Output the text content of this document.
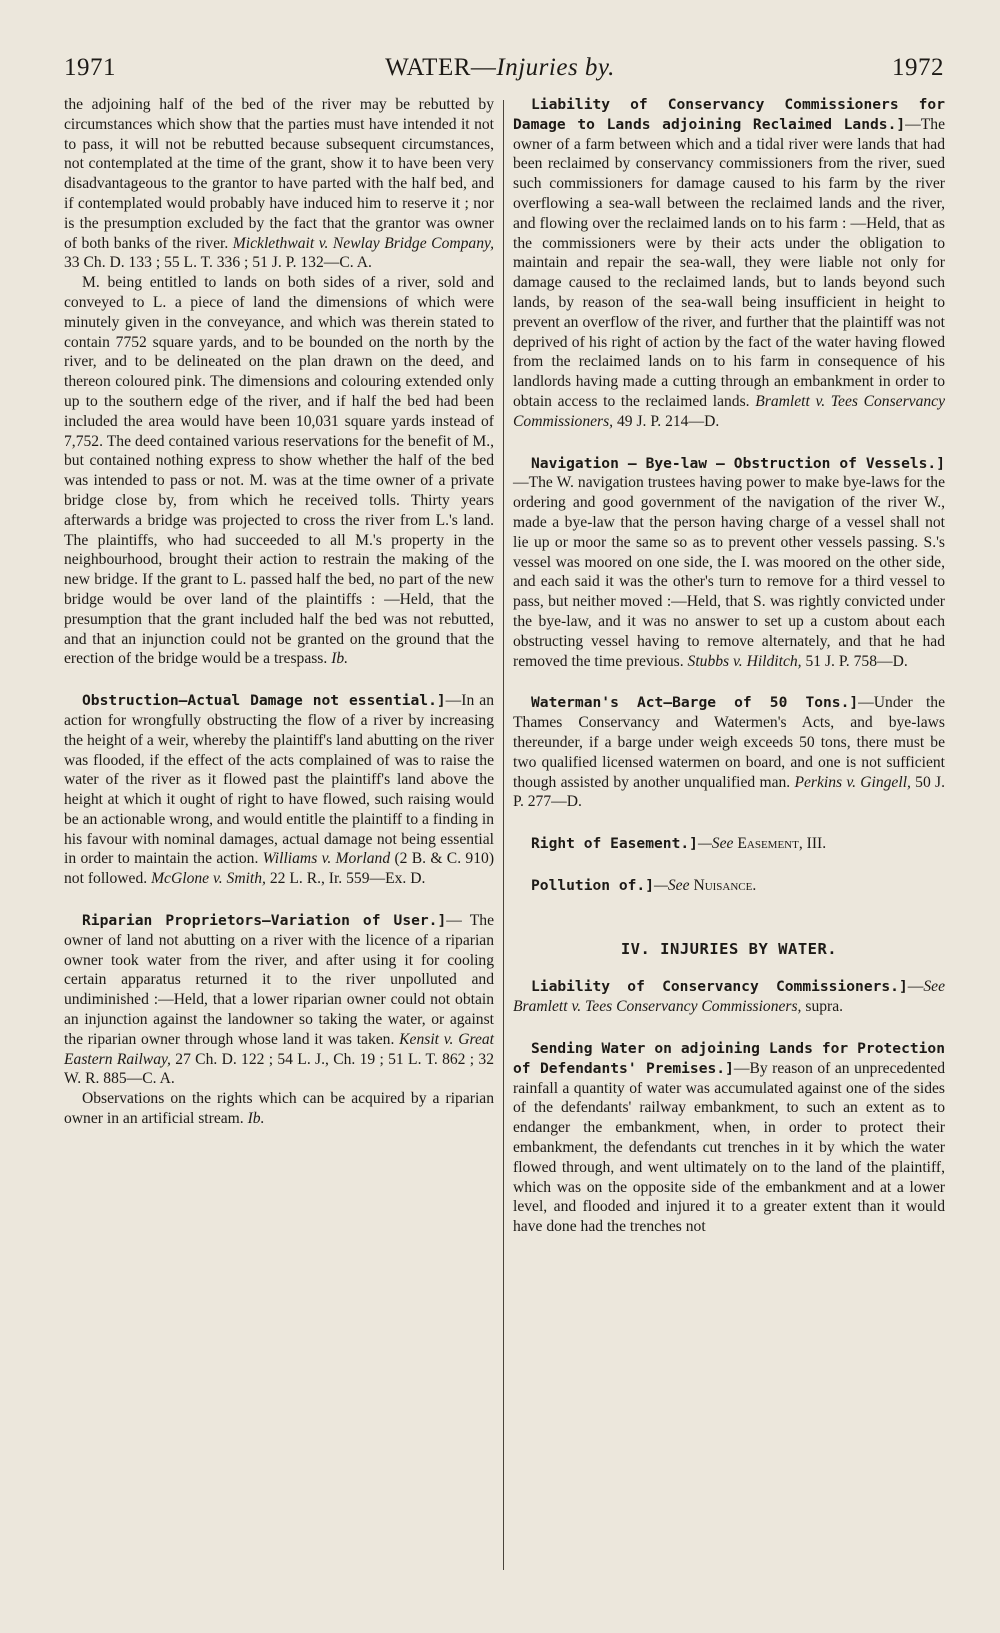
1971	WATER—Injuries by.	1972

the adjoining half of the bed of the river may be rebutted by circumstances which show that the parties must have intended it not to pass, it will not be rebutted because subsequent circumstances, not contemplated at the time of the grant, show it to have been very disadvantageous to the grantor to have parted with the half bed, and if contemplated would probably have induced him to reserve it ; nor is the presumption excluded by the fact that the grantor was owner of both banks of the river. Micklethwait v. Newlay Bridge Company, 33 Ch. D. 133 ; 55 L. T. 336 ; 51 J. P. 132—C. A.

M. being entitled to lands on both sides of a river, sold and conveyed to L. a piece of land the dimensions of which were minutely given in the conveyance, and which was therein stated to contain 7752 square yards, and to be bounded on the north by the river, and to be delineated on the plan drawn on the deed, and thereon coloured pink. The dimensions and colouring extended only up to the southern edge of the river, and if half the bed had been included the area would have been 10,031 square yards instead of 7,752. The deed contained various reservations for the benefit of M., but contained nothing express to show whether the half of the bed was intended to pass or not. M. was at the time owner of a private bridge close by, from which he received tolls. Thirty years afterwards a bridge was projected to cross the river from L.'s land. The plaintiffs, who had succeeded to all M.'s property in the neighbourhood, brought their action to restrain the making of the new bridge. If the grant to L. passed half the bed, no part of the new bridge would be over land of the plaintiffs : —Held, that the presumption that the grant included half the bed was not rebutted, and that an injunction could not be granted on the ground that the erection of the bridge would be a trespass. Ib.

Obstruction—Actual Damage not essential.]—In an action for wrongfully obstructing the flow of a river by increasing the height of a weir, whereby the plaintiff's land abutting on the river was flooded, if the effect of the acts complained of was to raise the water of the river as it flowed past the plaintiff's land above the height at which it ought of right to have flowed, such raising would be an actionable wrong, and would entitle the plaintiff to a finding in his favour with nominal damages, actual damage not being essential in order to maintain the action. Williams v. Morland (2 B. & C. 910) not followed. McGlone v. Smith, 22 L. R., Ir. 559—Ex. D.

Riparian Proprietors—Variation of User.]— The owner of land not abutting on a river with the licence of a riparian owner took water from the river, and after using it for cooling certain apparatus returned it to the river unpolluted and undiminished :—Held, that a lower riparian owner could not obtain an injunction against the landowner so taking the water, or against the riparian owner through whose land it was taken. Kensit v. Great Eastern Railway, 27 Ch. D. 122 ; 54 L. J., Ch. 19 ; 51 L. T. 862 ; 32 W. R. 885—C. A.

Observations on the rights which can be acquired by a riparian owner in an artificial stream. Ib.

Liability of Conservancy Commissioners for Damage to Lands adjoining Reclaimed Lands.]—The owner of a farm between which and a tidal river were lands that had been reclaimed by conservancy commissioners from the river, sued such commissioners for damage caused to his farm by the river overflowing a sea-wall between the reclaimed lands and the river, and flowing over the reclaimed lands on to his farm : —Held, that as the commissioners were by their acts under the obligation to maintain and repair the sea-wall, they were liable not only for damage caused to the reclaimed lands, but to lands beyond such lands, by reason of the sea-wall being insufficient in height to prevent an overflow of the river, and further that the plaintiff was not deprived of his right of action by the fact of the water having flowed from the reclaimed lands on to his farm in consequence of his landlords having made a cutting through an embankment in order to obtain access to the reclaimed lands. Bramlett v. Tees Conservancy Commissioners, 49 J. P. 214—D.

Navigation — Bye-law — Obstruction of Vessels.]—The W. navigation trustees having power to make bye-laws for the ordering and good government of the navigation of the river W., made a bye-law that the person having charge of a vessel shall not lie up or moor the same so as to prevent other vessels passing. S.'s vessel was moored on one side, the I. was moored on the other side, and each said it was the other's turn to remove for a third vessel to pass, but neither moved :—Held, that S. was rightly convicted under the bye-law, and it was no answer to set up a custom about each obstructing vessel having to remove alternately, and that he had removed the time previous. Stubbs v. Hilditch, 51 J. P. 758—D.

Waterman's Act—Barge of 50 Tons.]—Under the Thames Conservancy and Watermen's Acts, and bye-laws thereunder, if a barge under weigh exceeds 50 tons, there must be two qualified licensed watermen on board, and one is not sufficient though assisted by another unqualified man. Perkins v. Gingell, 50 J. P. 277—D.

Right of Easement.]—See Easement, III.

Pollution of.]—See Nuisance.

IV. INJURIES BY WATER.

Liability of Conservancy Commissioners.]—See Bramlett v. Tees Conservancy Commissioners, supra.

Sending Water on adjoining Lands for Protection of Defendants' Premises.]—By reason of an unprecedented rainfall a quantity of water was accumulated against one of the sides of the defendants' railway embankment, to such an extent as to endanger the embankment, when, in order to protect their embankment, the defendants cut trenches in it by which the water flowed through, and went ultimately on to the land of the plaintiff, which was on the opposite side of the embankment and at a lower level, and flooded and injured it to a greater extent than it would have done had the trenches not
